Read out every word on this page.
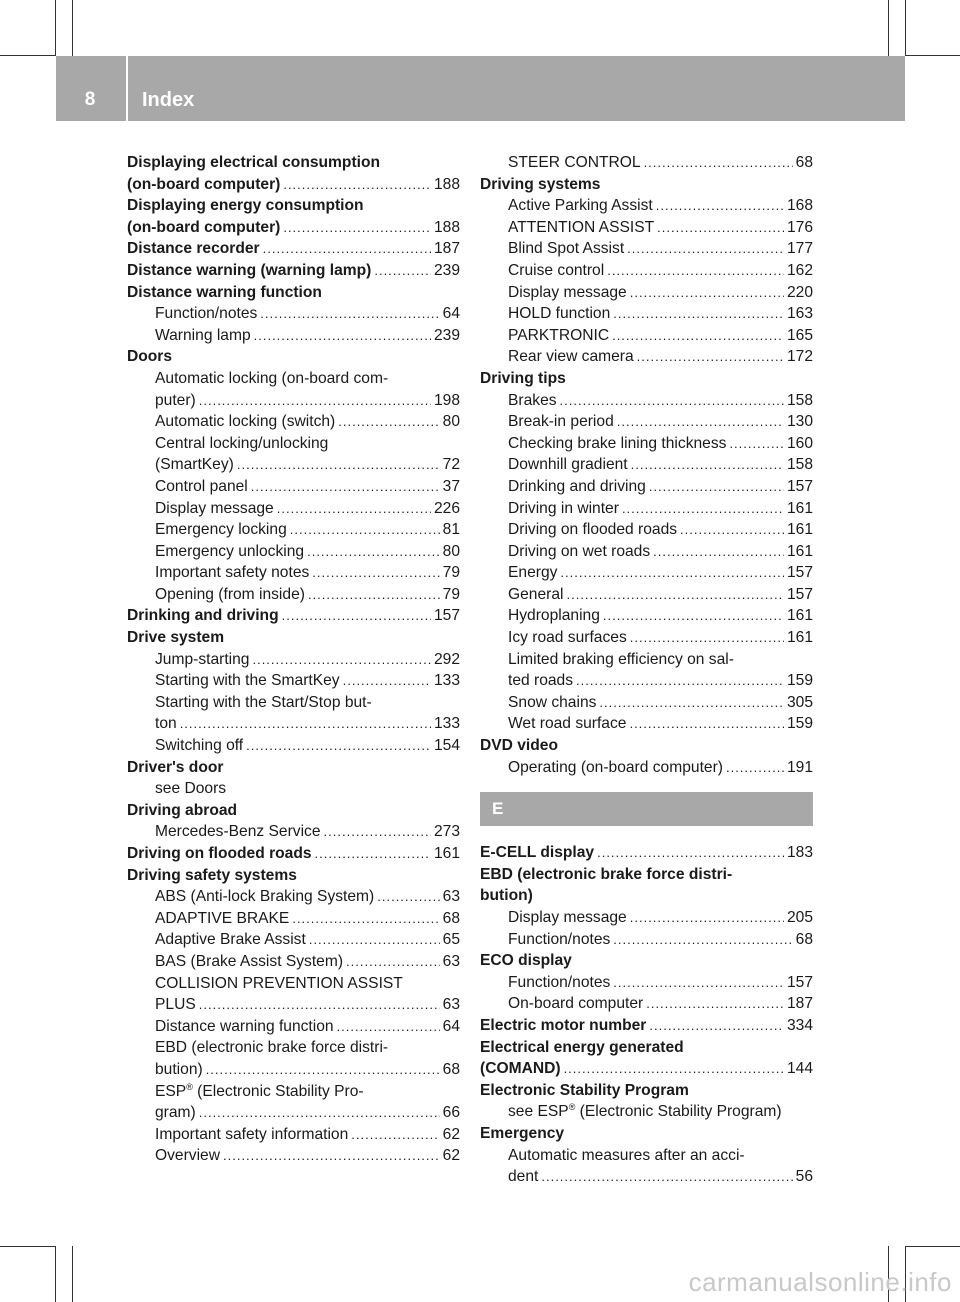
8	Index
Displaying electrical consumption
(on-board computer) .....	188
Displaying energy consumption
(on-board computer) .....	188
Distance recorder .....	187
Distance warning (warning lamp) .....	239
Distance warning function
Function/notes .....	64
Warning lamp .....	239
Doors
Automatic locking (on-board com-
puter) .....	198
Automatic locking (switch) .....	80
Central locking/unlocking
(SmartKey) .....	72
Control panel .....	37
Display message .....	226
Emergency locking .....	81
Emergency unlocking .....	80
Important safety notes .....	79
Opening (from inside) .....	79
Drinking and driving .....	157
Drive system
Jump-starting .....	292
Starting with the SmartKey .....	133
Starting with the Start/Stop but-
ton .....	133
Switching off .....	154
Driver's door
see Doors
Driving abroad
Mercedes-Benz Service .....	273
Driving on flooded roads .....	161
Driving safety systems
ABS (Anti-lock Braking System) .....	63
ADAPTIVE BRAKE .....	68
Adaptive Brake Assist .....	65
BAS (Brake Assist System) .....	63
COLLISION PREVENTION ASSIST
PLUS .....	63
Distance warning function .....	64
EBD (electronic brake force distri-
bution) .....	68
ESP® (Electronic Stability Pro-
gram) .....	66
Important safety information .....	62
Overview .....	62
STEER CONTROL .....	68
Driving systems
Active Parking Assist .....	168
ATTENTION ASSIST .....	176
Blind Spot Assist .....	177
Cruise control .....	162
Display message .....	220
HOLD function .....	163
PARKTRONIC .....	165
Rear view camera .....	172
Driving tips
Brakes .....	158
Break-in period .....	130
Checking brake lining thickness .....	160
Downhill gradient .....	158
Drinking and driving .....	157
Driving in winter .....	161
Driving on flooded roads .....	161
Driving on wet roads .....	161
Energy .....	157
General .....	157
Hydroplaning .....	161
Icy road surfaces .....	161
Limited braking efficiency on sal-
ted roads .....	159
Snow chains .....	305
Wet road surface .....	159
DVD video
Operating (on-board computer) .....	191
E
E-CELL display .....	183
EBD (electronic brake force distri-
bution)
Display message .....	205
Function/notes .....	68
ECO display
Function/notes .....	157
On-board computer .....	187
Electric motor number .....	334
Electrical energy generated
(COMAND) .....	144
Electronic Stability Program
see ESP® (Electronic Stability Program)
Emergency
Automatic measures after an acci-
dent .....	56
carmanualsonline.info
